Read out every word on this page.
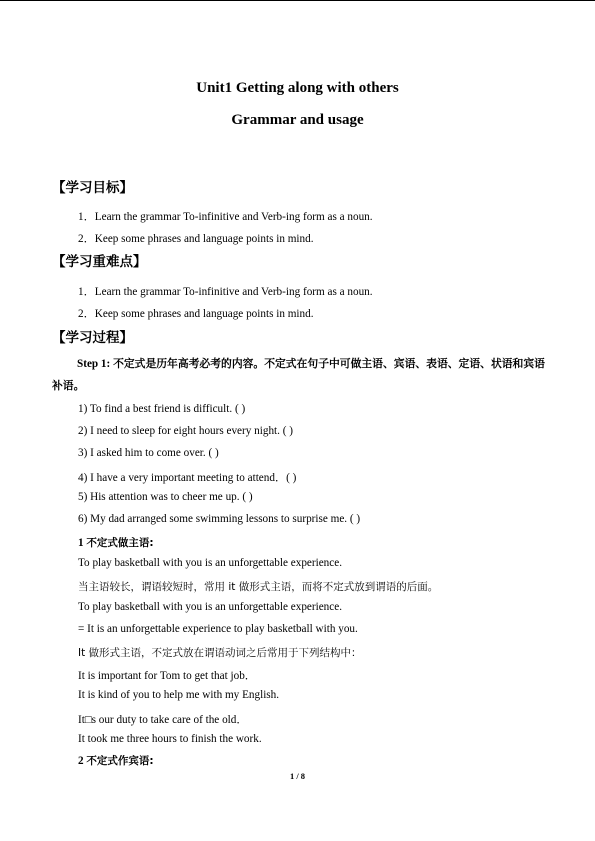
Unit1 Getting along with others
Grammar and usage
【学习目标】
1．Learn the grammar To-infinitive and Verb-ing form as a noun.
2．Keep some phrases and language points in mind.
【学习重难点】
1．Learn the grammar To-infinitive and Verb-ing form as a noun.
2．Keep some phrases and language points in mind.
【学习过程】
Step 1: 不定式是历年高考必考的内容。不定式在句子中可做主语、宾语、表语、定语、状语和宾语补语。
1) To find a best friend is difficult. ( )
2) I need to sleep for eight hours every night. ( )
3) I asked him to come over. ( )
4) I have a very important meeting to attend．( )
5) His attention was to cheer me up. ( )
6) My dad arranged some swimming lessons to surprise me. ( )
1 不定式做主语:
To play basketball with you is an unforgettable experience.
当主语较长，谓语较短时，常用 it 做形式主语，而将不定式放到谓语的后面。
To play basketball with you is an unforgettable experience.
= It is an unforgettable experience to play basketball with you.
It 做形式主语，不定式放在谓语动词之后常用于下列结构中：
It is important for Tom to get that job．
It is kind of you to help me with my English.
It□s our duty to take care of the old．
It took me three hours to finish the work.
2 不定式作宾语:
1 / 8
